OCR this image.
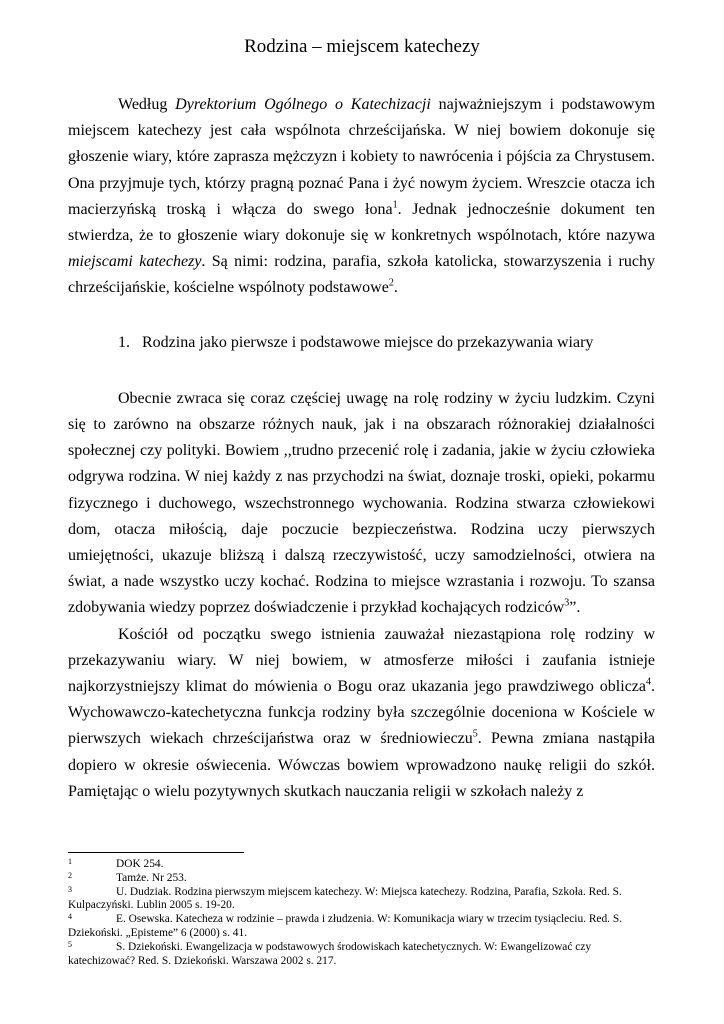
Rodzina – miejscem katechezy

Według Dyrektorium Ogólnego o Katechizacji najważniejszym i podstawowym miejscem katechezy jest cała wspólnota chrześcijańska. W niej bowiem dokonuje się głoszenie wiary, które zaprasza mężczyzn i kobiety to nawrócenia i pójścia za Chrystusem. Ona przyjmuje tych, którzy pragną poznać Pana i żyć nowym życiem. Wreszcie otacza ich macierzyńską troską i włącza do swego łona$^1$. Jednak jednocześnie dokument ten stwierdza, że to głoszenie wiary dokonuje się w konkretnych wspólnotach, które nazywa miejscami katechezy. Są nimi: rodzina, parafia, szkoła katolicka, stowarzyszenia i ruchy chrześcijańskie, kościelne wspólnoty podstawowe$^2$.

1. Rodzina jako pierwsze i podstawowe miejsce do przekazywania wiary

Obecnie zwraca się coraz częściej uwagę na rolę rodziny w życiu ludzkim. Czyni się to zarówno na obszarze różnych nauk, jak i na obszarach różnorakiej działalności społecznej czy polityki. Bowiem ,,trudno przecenić rolę i zadania, jakie w życiu człowieka odgrywa rodzina. W niej każdy z nas przychodzi na świat, doznaje troski, opieki, pokarmu fizycznego i duchowego, wszechstronnego wychowania. Rodzina stwarza człowiekowi dom, otacza miłością, daje poczucie bezpieczeństwa. Rodzina uczy pierwszych umiejętności, ukazuje bliższą i dalszą rzeczywistość, uczy samodzielności, otwiera na świat, a nade wszystko uczy kochać. Rodzina to miejsce wzrastania i rozwoju. To szansa zdobywania wiedzy poprzez doświadczenie i przykład kochających rodziców$^3$”.

Kościół od początku swego istnienia zauważał niezastąpiona rolę rodziny w przekazywaniu wiary. W niej bowiem, w atmosferze miłości i zaufania istnieje najkorzystniejszy klimat do mówienia o Bogu oraz ukazania jego prawdziwego oblicza$^4$. Wychowawczo-katechetyczna funkcja rodziny była szczególnie doceniona w Kościele w pierwszych wiekach chrześcijaństwa oraz w średniowieczu$^5$. Pewna zmiana nastąpiła dopiero w okresie oświecenia. Wówczas bowiem wprowadzono naukę religii do szkół. Pamiętając o wielu pozytywnych skutkach nauczania religii w szkołach należy z

1	DOK 254.
2	Tamże. Nr 253.
3	U. Dudziak. Rodzina pierwszym miejscem katechezy. W: Miejsca katechezy. Rodzina, Parafia, Szkoła. Red. S. Kulpaczyński. Lublin 2005 s. 19-20.
4	E. Osewska. Katecheza w rodzinie – prawda i złudzenia. W: Komunikacja wiary w trzecim tysiącleciu. Red. S. Dziekoński. „Episteme” 6 (2000) s. 41.
5	S. Dziekoński. Ewangelizacja w podstawowych środowiskach katechetycznych. W: Ewangelizować czy katechizować? Red. S. Dziekoński. Warszawa 2002 s. 217.
